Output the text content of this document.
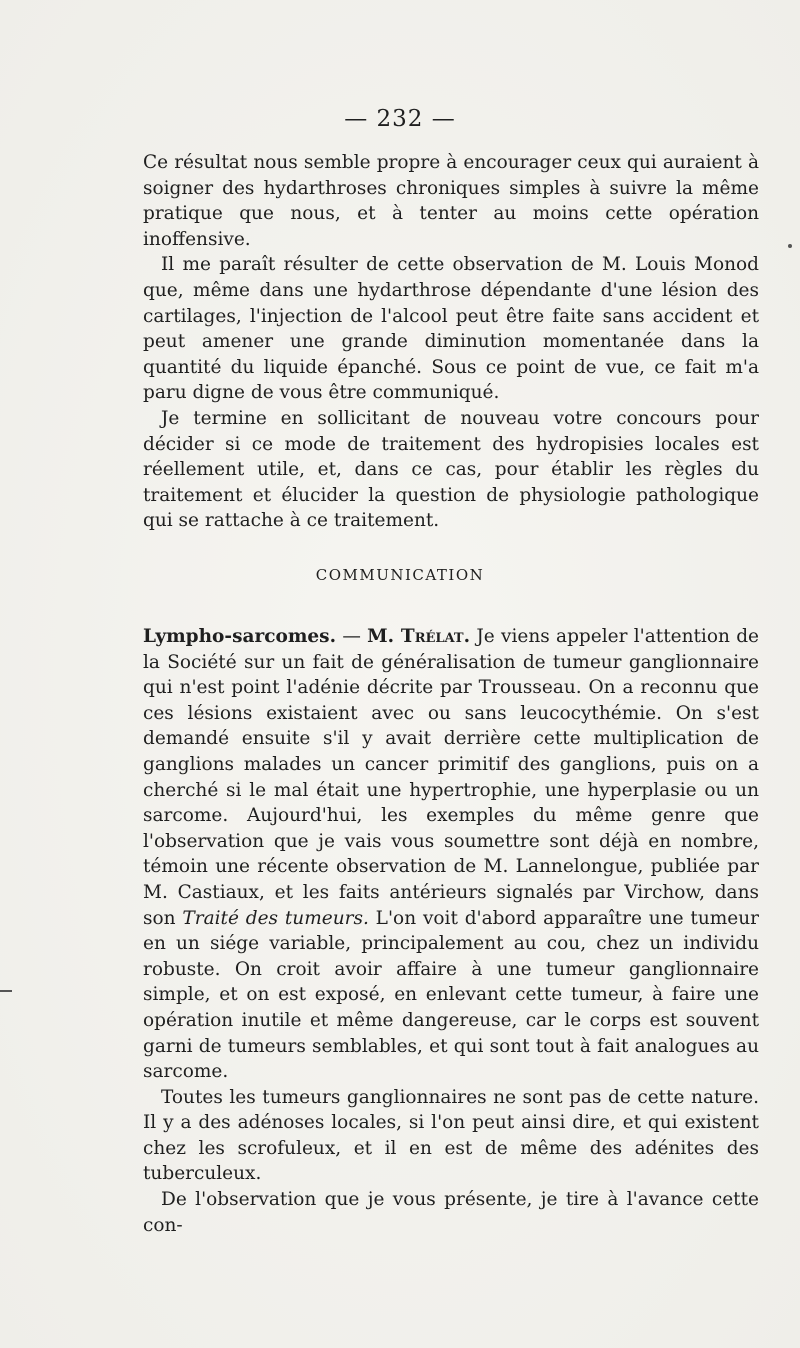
— 232 —

Ce résultat nous semble propre à encourager ceux qui auraient à soigner des hydarthroses chroniques simples à suivre la même pratique que nous, et à tenter au moins cette opération inoffensive.

Il me paraît résulter de cette observation de M. Louis Monod que, même dans une hydarthrose dépendante d'une lésion des cartilages, l'injection de l'alcool peut être faite sans accident et peut amener une grande diminution momentanée dans la quantité du liquide épanché. Sous ce point de vue, ce fait m'a paru digne de vous être communiqué.

Je termine en sollicitant de nouveau votre concours pour décider si ce mode de traitement des hydropisies locales est réellement utile, et, dans ce cas, pour établir les règles du traitement et élucider la question de physiologie pathologique qui se rattache à ce traitement.

COMMUNICATION

Lympho-sarcomes. — M. Trélat. Je viens appeler l'attention de la Société sur un fait de généralisation de tumeur ganglionnaire qui n'est point l'adénie décrite par Trousseau. On a reconnu que ces lésions existaient avec ou sans leucocythémie. On s'est demandé ensuite s'il y avait derrière cette multiplication de ganglions malades un cancer primitif des ganglions, puis on a cherché si le mal était une hypertrophie, une hyperplasie ou un sarcome. Aujourd'hui, les exemples du même genre que l'observation que je vais vous soumettre sont déjà en nombre, témoin une récente observation de M. Lannelongue, publiée par M. Castiaux, et les faits antérieurs signalés par Virchow, dans son Traité des tumeurs. L'on voit d'abord apparaître une tumeur en un siége variable, principalement au cou, chez un individu robuste. On croit avoir affaire à une tumeur ganglionnaire simple, et on est exposé, en enlevant cette tumeur, à faire une opération inutile et même dangereuse, car le corps est souvent garni de tumeurs semblables, et qui sont tout à fait analogues au sarcome.

Toutes les tumeurs ganglionnaires ne sont pas de cette nature. Il y a des adénoses locales, si l'on peut ainsi dire, et qui existent chez les scrofuleux, et il en est de même des adénites des tuberculeux.

De l'observation que je vous présente, je tire à l'avance cette con-
